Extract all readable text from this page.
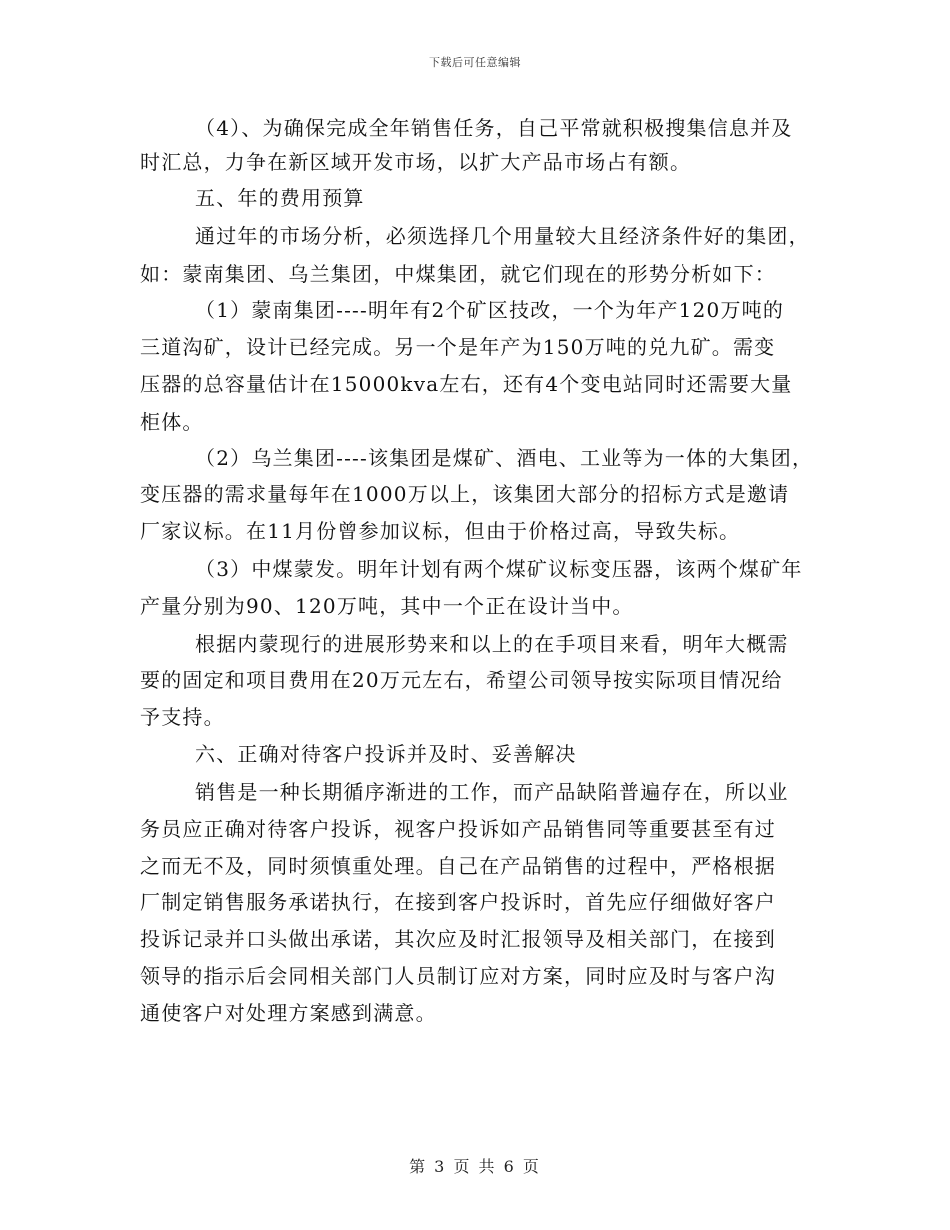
下载后可任意编辑
（4）、为确保完成全年销售任务，自己平常就积极搜集信息并及
时汇总，力争在新区域开发市场，以扩大产品市场占有额。
五、年的费用预算
通过年的市场分析，必须选择几个用量较大且经济条件好的集团，
如：蒙南集团、乌兰集团，中煤集团，就它们现在的形势分析如下：
（1）蒙南集团----明年有2个矿区技改，一个为年产120万吨的
三道沟矿，设计已经完成。另一个是年产为150万吨的兑九矿。需变
压器的总容量估计在15000kva左右，还有4个变电站同时还需要大量
柜体。
（2）乌兰集团----该集团是煤矿、酒电、工业等为一体的大集团，
变压器的需求量每年在1000万以上，该集团大部分的招标方式是邀请
厂家议标。在11月份曾参加议标，但由于价格过高，导致失标。
（3）中煤蒙发。明年计划有两个煤矿议标变压器，该两个煤矿年
产量分别为90、120万吨，其中一个正在设计当中。
根据内蒙现行的进展形势来和以上的在手项目来看，明年大概需
要的固定和项目费用在20万元左右，希望公司领导按实际项目情况给
予支持。
六、正确对待客户投诉并及时、妥善解决
销售是一种长期循序渐进的工作，而产品缺陷普遍存在，所以业
务员应正确对待客户投诉，视客户投诉如产品销售同等重要甚至有过
之而无不及，同时须慎重处理。自己在产品销售的过程中，严格根据
厂制定销售服务承诺执行，在接到客户投诉时，首先应仔细做好客户
投诉记录并口头做出承诺，其次应及时汇报领导及相关部门，在接到
领导的指示后会同相关部门人员制订应对方案，同时应及时与客户沟
通使客户对处理方案感到满意。
第 3 页 共 6 页
